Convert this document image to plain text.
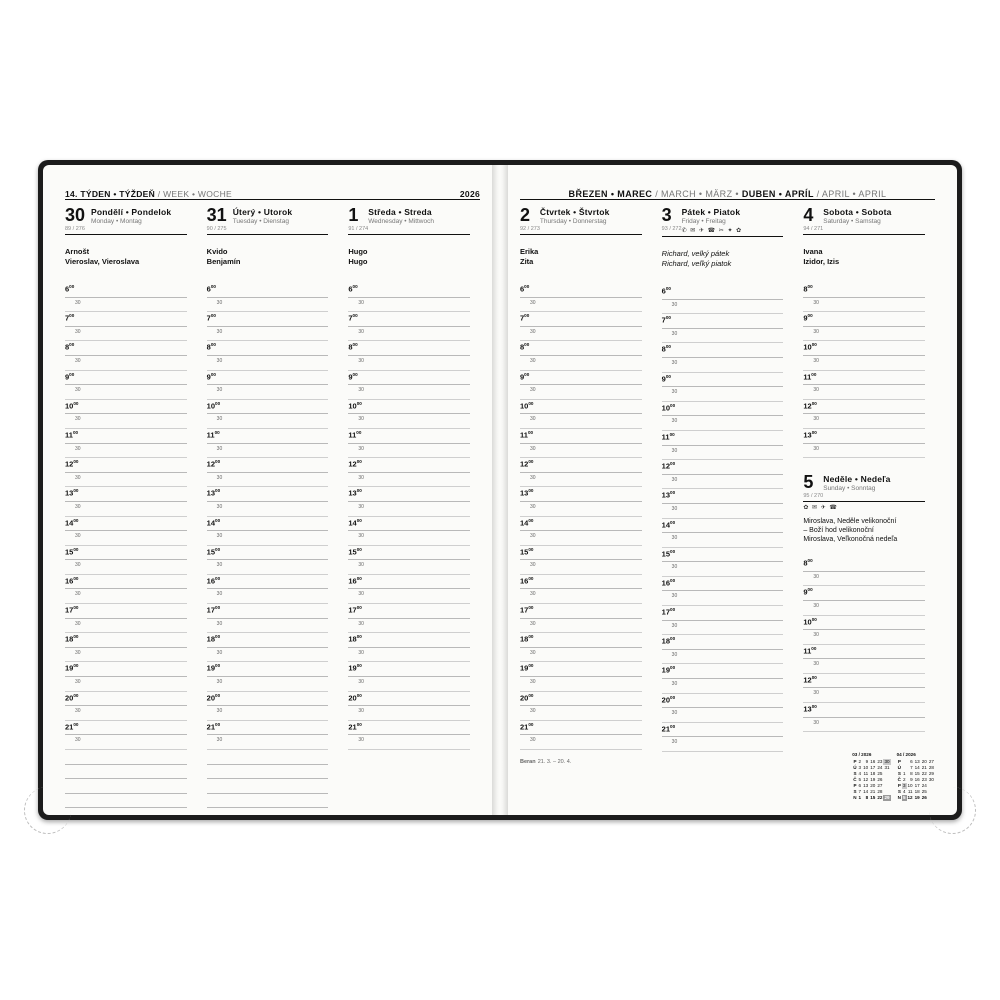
14. TÝDEN • TÝŽDEŇ / WEEK • WOCHE	2026
30
89 / 276
Pondělí • Pondelok
Monday • Montag
Arnošt
Vieroslav, Vieroslava
$6^{00}$
30
$7^{00}$
30
$8^{00}$
30
$9^{00}$
30
$10^{00}$
30
$11^{00}$
30
$12^{00}$
30
$13^{00}$
30
$14^{00}$
30
$15^{00}$
30
$16^{00}$
30
$17^{00}$
30
$18^{00}$
30
$19^{00}$
30
$20^{00}$
30
$21^{00}$
30
31
90 / 275
Úterý • Utorok
Tuesday • Dienstag
Kvido
Benjamín
$6^{00}$
30
$7^{00}$
30
$8^{00}$
30
$9^{00}$
30
$10^{00}$
30
$11^{00}$
30
$12^{00}$
30
$13^{00}$
30
$14^{00}$
30
$15^{00}$
30
$16^{00}$
30
$17^{00}$
30
$18^{00}$
30
$19^{00}$
30
$20^{00}$
30
$21^{00}$
30
1
91 / 274
Středa • Streda
Wednesday • Mittwoch
Hugo
Hugo
$6^{00}$
30
$7^{00}$
30
$8^{00}$
30
$9^{00}$
30
$10^{00}$
30
$11^{00}$
30
$12^{00}$
30
$13^{00}$
30
$14^{00}$
30
$15^{00}$
30
$16^{00}$
30
$17^{00}$
30
$18^{00}$
30
$19^{00}$
30
$20^{00}$
30
$21^{00}$
30
BŘEZEN • MAREC / MARCH • MÄRZ • DUBEN • APRÍL / APRIL • APRIL
2
92 / 273
Čtvrtek • Štvrtok
Thursday • Donnerstag
Erika
Zita
$6^{00}$
30
$7^{00}$
30
$8^{00}$
30
$9^{00}$
30
$10^{00}$
30
$11^{00}$
30
$12^{00}$
30
$13^{00}$
30
$14^{00}$
30
$15^{00}$
30
$16^{00}$
30
$17^{00}$
30
$18^{00}$
30
$19^{00}$
30
$20^{00}$
30
$21^{00}$
30
Beran 21. 3. – 20. 4.
3
93 / 272
Pátek • Piatok
Friday • Freitag
✆ ✉ ✈ ☎ ✂ ✦ ✿
Richard, velký pátek
Richard, veľký piatok
$6^{00}$
30
$7^{00}$
30
$8^{00}$
30
$9^{00}$
30
$10^{00}$
30
$11^{00}$
30
$12^{00}$
30
$13^{00}$
30
$14^{00}$
30
$15^{00}$
30
$16^{00}$
30
$17^{00}$
30
$18^{00}$
30
$19^{00}$
30
$20^{00}$
30
$21^{00}$
30
4
94 / 271
Sobota • Sobota
Saturday • Samstag
Ivana
Izidor, Izis
$8^{00}$
30
$9^{00}$
30
$10^{00}$
30
$11^{00}$
30
$12^{00}$
30
$13^{00}$
30
5
95 / 270
Neděle • Nedeľa
Sunday • Sonntag
✿ ✉ ✈ ☎
Miroslava, Neděle velikonoční
– Boží hod velikonoční
Miroslava, Veľkonočná nedeľa
$8^{00}$
30
$9^{00}$
30
$10^{00}$
30
$11^{00}$
30
$12^{00}$
30
$13^{00}$
30
03 / 2026
P	2	9	16	23	30
Ú	3	10	17	24	31
S	4	11	18	25	
Č	5	12	19	26	
P	6	13	20	27	
S	7	14	21	28	
N	1	8	15	22	29
04 / 2026
P		6	13	20	27
Ú		7	14	21	28
S	1	8	15	22	29
Č	2	9	16	23	30
P	3	10	17	24	
S	4	11	18	25	
N	5	12	19	26	
